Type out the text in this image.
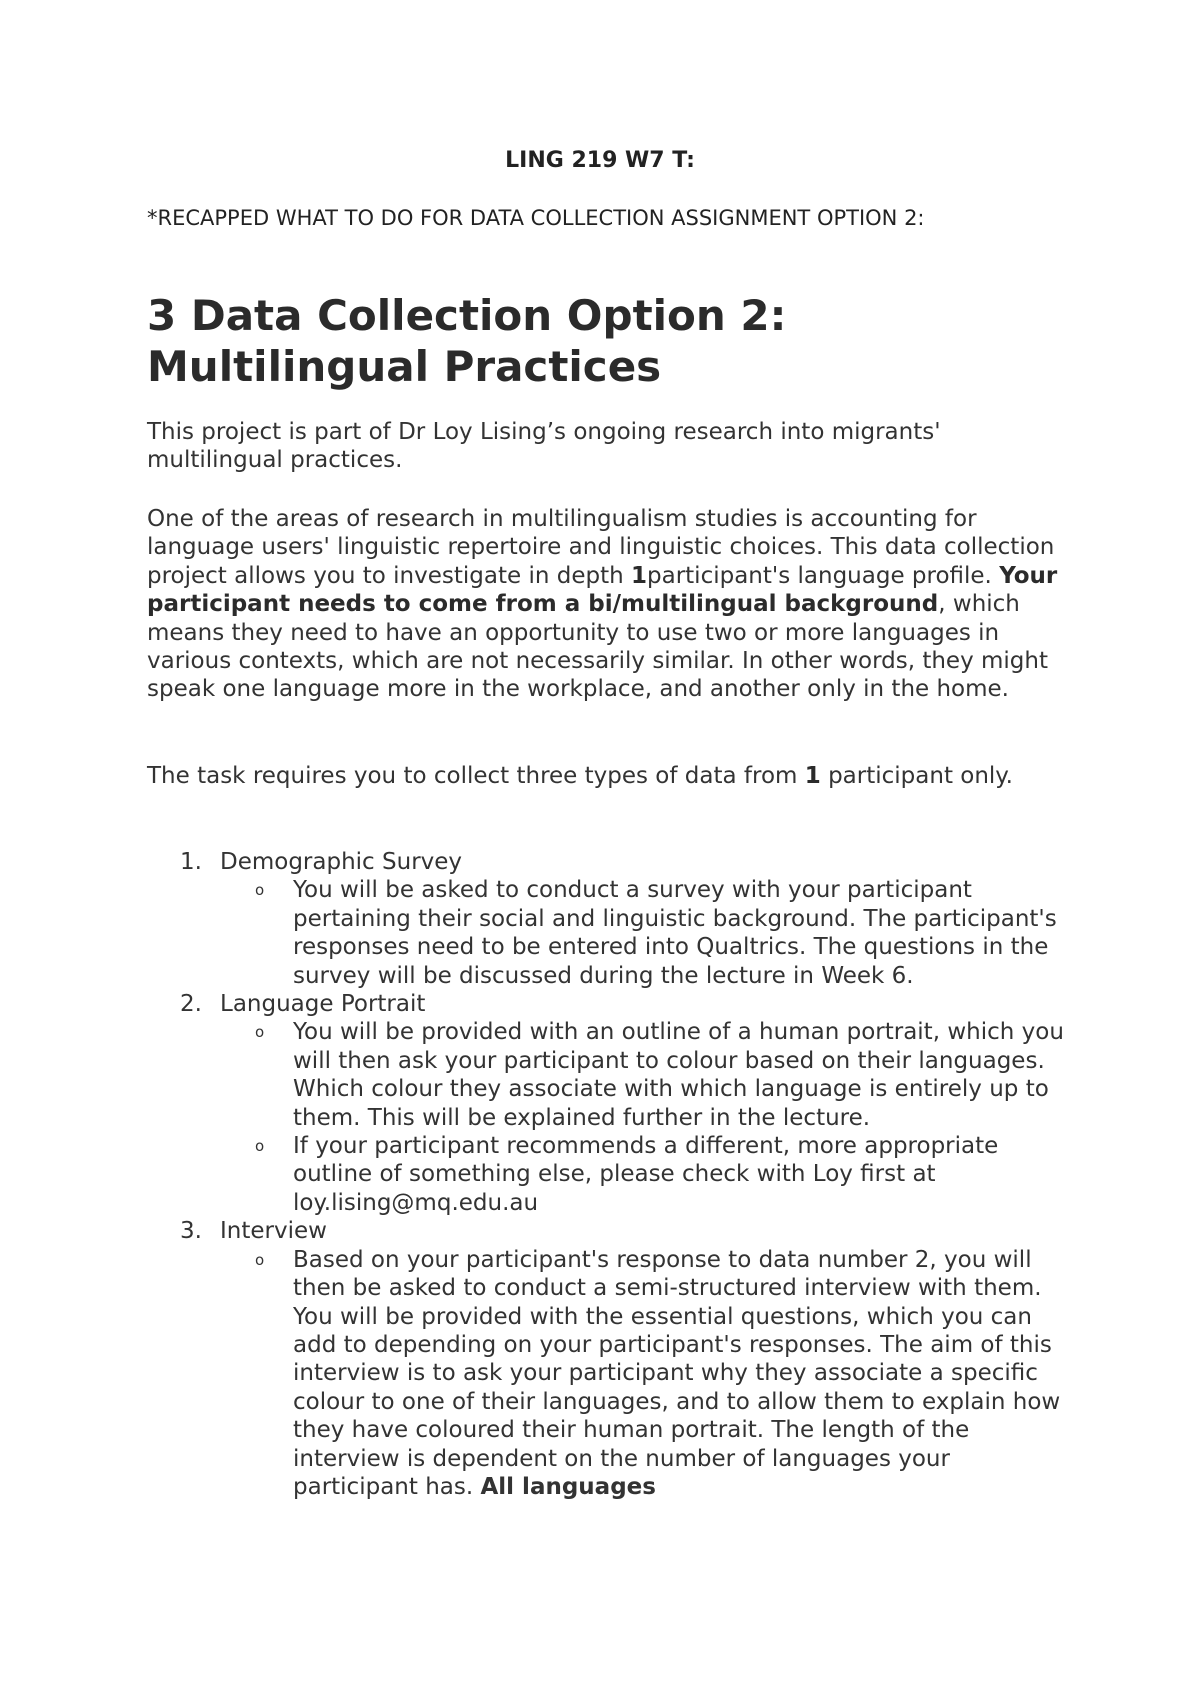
LING 219 W7 T:
*RECAPPED WHAT TO DO FOR DATA COLLECTION ASSIGNMENT OPTION 2:
3 Data Collection Option 2:
Multilingual Practices
This project is part of Dr Loy Lising’s ongoing research into migrants' multilingual practices.
One of the areas of research in multilingualism studies is accounting for language users' linguistic repertoire and linguistic choices. This data collection project allows you to investigate in depth 1participant's language profile. Your participant needs to come from a bi/multilingual background, which means they need to have an opportunity to use two or more languages in various contexts, which are not necessarily similar. In other words, they might speak one language more in the workplace, and another only in the home.
The task requires you to collect three types of data from 1 participant only.
1. Demographic Survey
o You will be asked to conduct a survey with your participant pertaining their social and linguistic background. The participant's responses need to be entered into Qualtrics. The questions in the survey will be discussed during the lecture in Week 6.
2. Language Portrait
o You will be provided with an outline of a human portrait, which you will then ask your participant to colour based on their languages. Which colour they associate with which language is entirely up to them. This will be explained further in the lecture.
o If your participant recommends a different, more appropriate outline of something else, please check with Loy first at loy.lising@mq.edu.au
3. Interview
o Based on your participant's response to data number 2, you will then be asked to conduct a semi-structured interview with them. You will be provided with the essential questions, which you can add to depending on your participant's responses. The aim of this interview is to ask your participant why they associate a specific colour to one of their languages, and to allow them to explain how they have coloured their human portrait. The length of the interview is dependent on the number of languages your participant has. All languages
